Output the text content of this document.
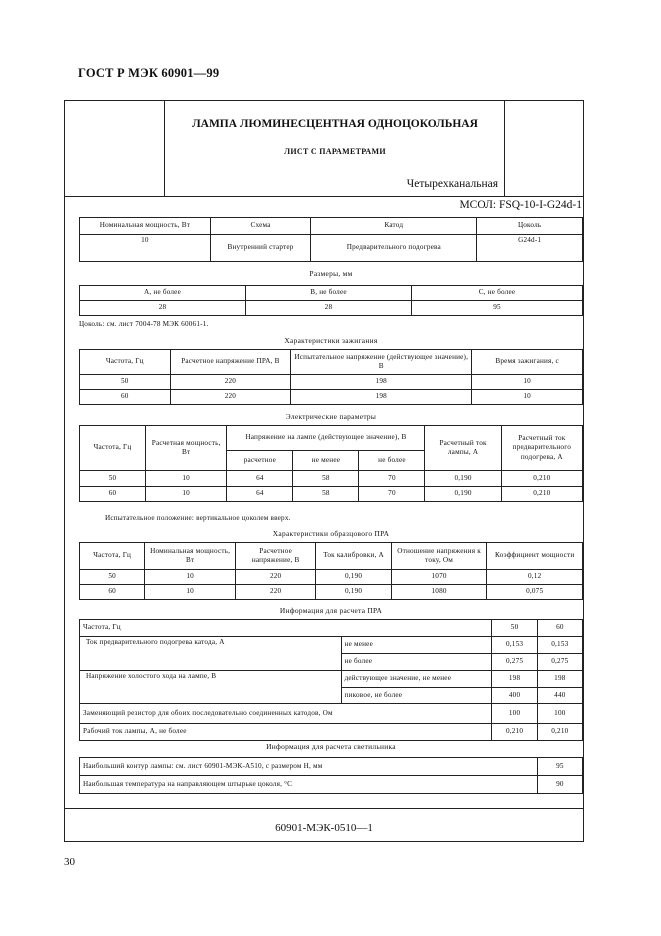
ГОСТ Р МЭК 60901—99
ЛАМПА ЛЮМИНЕСЦЕНТНАЯ ОДНОЦОКОЛЬНАЯ
ЛИСТ С ПАРАМЕТРАМИ
Четырехканальная
МСОЛ: FSQ-10-I-G24d-1
Номинальная мощность, Вт	Схема	Катод	Цоколь
10	Внутренний стартер	Предварительного подогрева	G24d-1
Размеры, мм
A, не более	B, не более	C, не более
28	28	95
Цоколь: см. лист 7004-78 МЭК 60061-1.
Характеристики зажигания
Частота, Гц	Расчетное напряжение ПРА, В	Испытательное напряжение (действующее значение), В	Время зажигания, с
50	220	198	10
60	220	198	10
Электрические параметры
Частота, Гц	Расчетная мощность, Вт	Напряжение на лампе (действующее значение), В			Расчетный ток лампы, А	Расчетный ток предварительного подогрева, А
		расчетное	не менее	не более		
50	10	64	58	70	0,190	0,210
60	10	64	58	70	0,190	0,210
Испытательное положение: вертикальное цоколем вверх.
Характеристики образцового ПРА
Частота, Гц	Номинальная мощность, Вт	Расчетное напряжение, В	Ток калибровки, А	Отношение напряжения к току, Ом	Коэффициент мощности
50	10	220	0,190	1070	0,12
60	10	220	0,190	1080	0,075
Информация для расчета ПРА
Частота, Гц		50	60
Ток предварительного подогрева катода, А	не менее	0,153	0,153
	не более	0,275	0,275
Напряжение холостого хода на лампе, В	действующее значение, не менее	198	198
	пиковое, не более	400	440
Заменяющий резистор для обоих последовательно соединенных катодов, Ом		100	100
Рабочий ток лампы, А, не более		0,210	0,210
Информация для расчета светильника
Наибольший контур лампы: см. лист 60901-МЭК-А510, с размером H, мм	95
Наибольшая температура на направляющем штырьке цоколя, °С	90
60901-МЭК-0510—1
30
